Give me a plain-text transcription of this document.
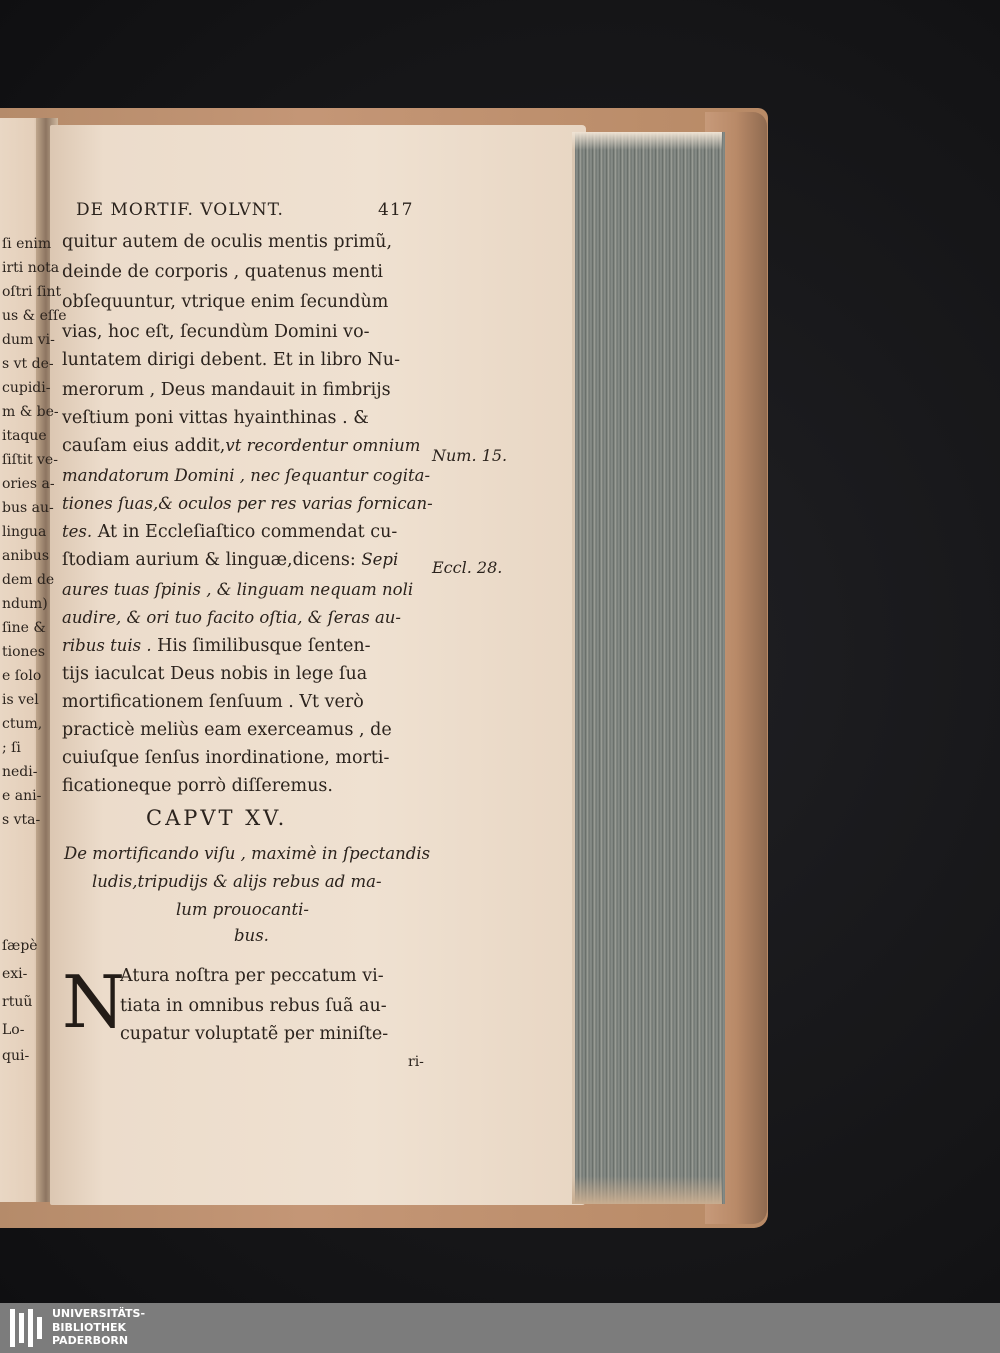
ſi enim
irti nota
oſtri ſint
us & eſſe
dum vi-
s vt de-
cupidi-
m & be-
itaque
ſiſtit ve-
ories a-
bus au-
lingua
anibus
dem de
ndum)
ſine &
tiones
e ſolo
is vel
ctum,
; ſi
nedi-
e ani-
s vta-
ſæpè
exi-
rtuũ
Lo-
qui-
DE MORTIF. VOLVNT.	417
quitur autem de oculis mentis primũ,
deinde de corporis , quatenus menti
obſequuntur, vtrique enim ſecundùm
vias, hoc eſt, ſecundùm Domini vo-
luntatem dirigi debent. Et in libro Nu-
merorum , Deus mandauit in fimbrijs
veſtium poni vittas hyainthinas . &
cauſam eius addit,vt recordentur omnium
mandatorum Domini , nec ſequantur cogita-
tiones ſuas,& oculos per res varias fornican-
tes. At in Eccleſiaſtico commendat cu-
ſtodiam aurium & linguæ,dicens: Sepi
aures tuas ſpinis , & linguam nequam noli
audire, & ori tuo facito oſtia, & ſeras au-
ribus tuis . His ſimilibusque ſenten-
tijs iaculcat Deus nobis in lege ſua
mortificationem ſenſuum . Vt verò
practicè meliùs eam exerceamus , de
cuiuſque ſenſus inordinatione, morti-
ficationeque porrò diſſeremus.
CAPVT XV.
De mortificando viſu , maximè in ſpectandis
ludis,tripudijs & alijs rebus ad ma-
lum prouocanti-
bus.
N
Atura noſtra per peccatum vi-
tiata in omnibus rebus ſuã au-
cupatur voluptatẽ per miniſte-
ri-
Num. 15.
Eccl. 28.
UNIVERSITÄTS-
BIBLIOTHEK
PADERBORN
